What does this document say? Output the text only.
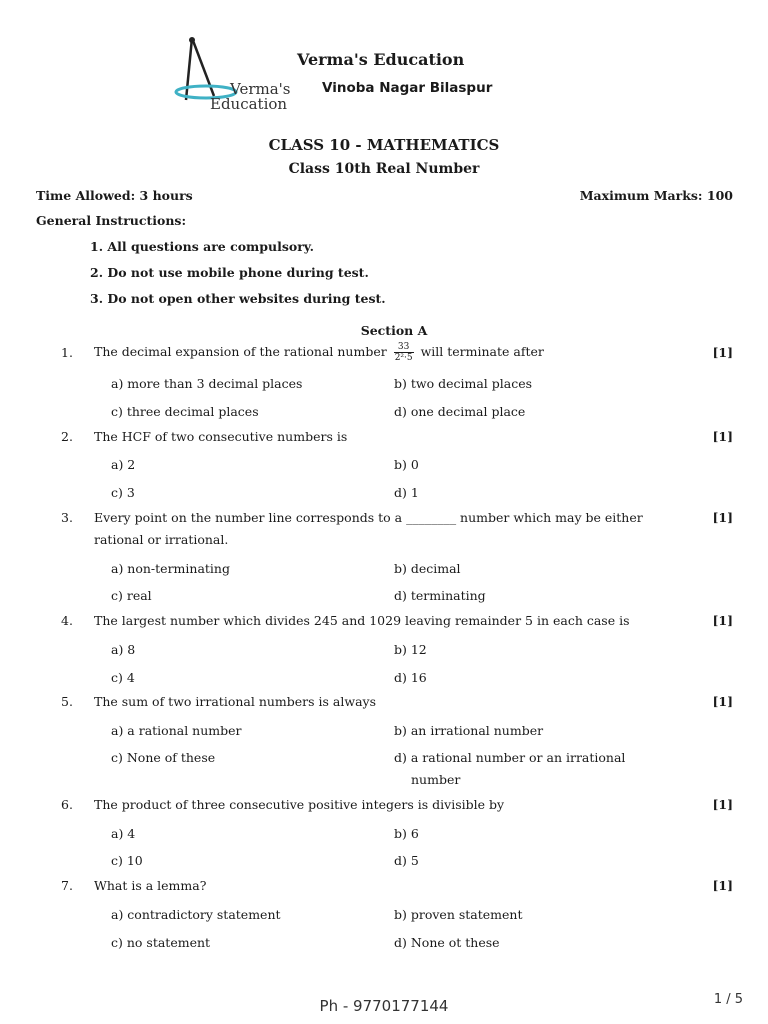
Verma's
Education
Verma's Education
Vinoba Nagar Bilaspur
CLASS 10 - MATHEMATICS
Class 10th Real Number
Time Allowed: 3 hours	Maximum Marks: 100
General Instructions:
1. All questions are compulsory.
2. Do not use mobile phone during test.
3. Do not open other websites during test.
Section A
1. The decimal expansion of the rational number $\frac{33}{\text{2²·5}}$ will terminate after	[1]
a) more than 3 decimal places	b) two decimal places
c) three decimal places	d) one decimal place
2. The HCF of two consecutive numbers is	[1]
a) 2	b) 0
c) 3	d) 1
3. Every point on the number line corresponds to a ________ number which may be either
rational or irrational.
[1]
a) non-terminating	b) decimal
c) real	d) terminating
4. The largest number which divides 245 and 1029 leaving remainder 5 in each case is	[1]
a) 8	b) 12
c) 4	d) 16
5. The sum of two irrational numbers is always	[1]
a) a rational number	b) an irrational number
c) None of these	d) a rational number or an irrational
number
6. The product of three consecutive positive integers is divisible by	[1]
a) 4	b) 6
c) 10	d) 5
7. What is a lemma?	[1]
a) contradictory statement	b) proven statement
c) no statement	d) None ot these
Ph - 9770177144	1 / 5
